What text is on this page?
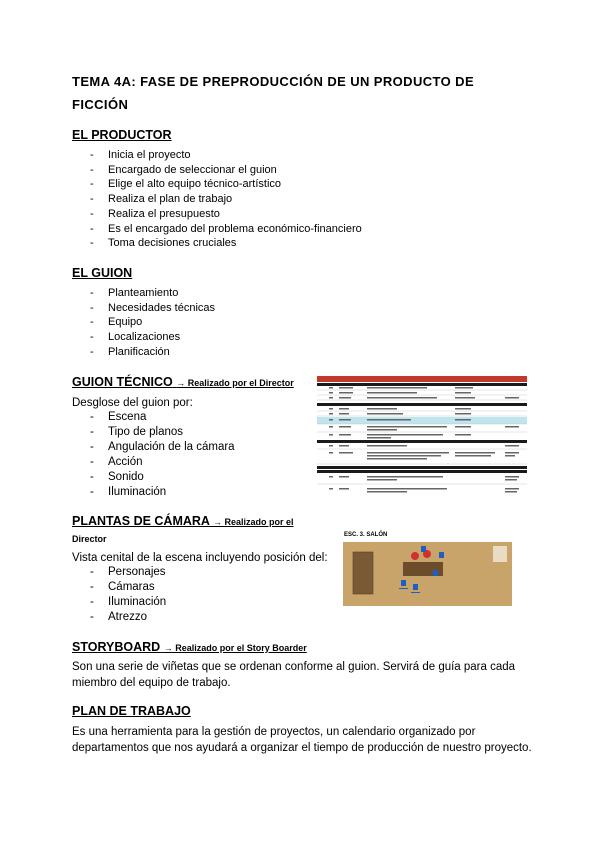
TEMA 4A: FASE DE PREPRODUCCIÓN DE UN PRODUCTO DE FICCIÓN
EL PRODUCTOR
- Inicia el proyecto
- Encargado de seleccionar el guion
- Elige el alto equipo técnico-artístico
- Realiza el plan de trabajo
- Realiza el presupuesto
- Es el encargado del problema económico-financiero
- Toma decisiones cruciales
EL GUION
- Planteamiento
- Necesidades técnicas
- Equipo
- Localizaciones
- Planificación
GUION TÉCNICO → Realizado por el Director

Desglose del guion por:

- Escena
- Tipo de planos
- Angulación de la cámara
- Acción
- Sonido
- Iluminación
PLANTAS DE CÁMARA → Realizado por el

Director

Vista cenital de la escena incluyendo posición del:

- Personajes
- Cámaras
- Iluminación
- Atrezzo
ESC. 3. SALÓN
STORYBOARD → Realizado por el Story Boarder

Son una serie de viñetas que se ordenan conforme al guion. Servirá de guía para cada miembro del equipo de trabajo.

PLAN DE TRABAJO

Es una herramienta para la gestión de proyectos, un calendario organizado por departamentos que nos ayudará a organizar el tiempo de producción de nuestro proyecto.
